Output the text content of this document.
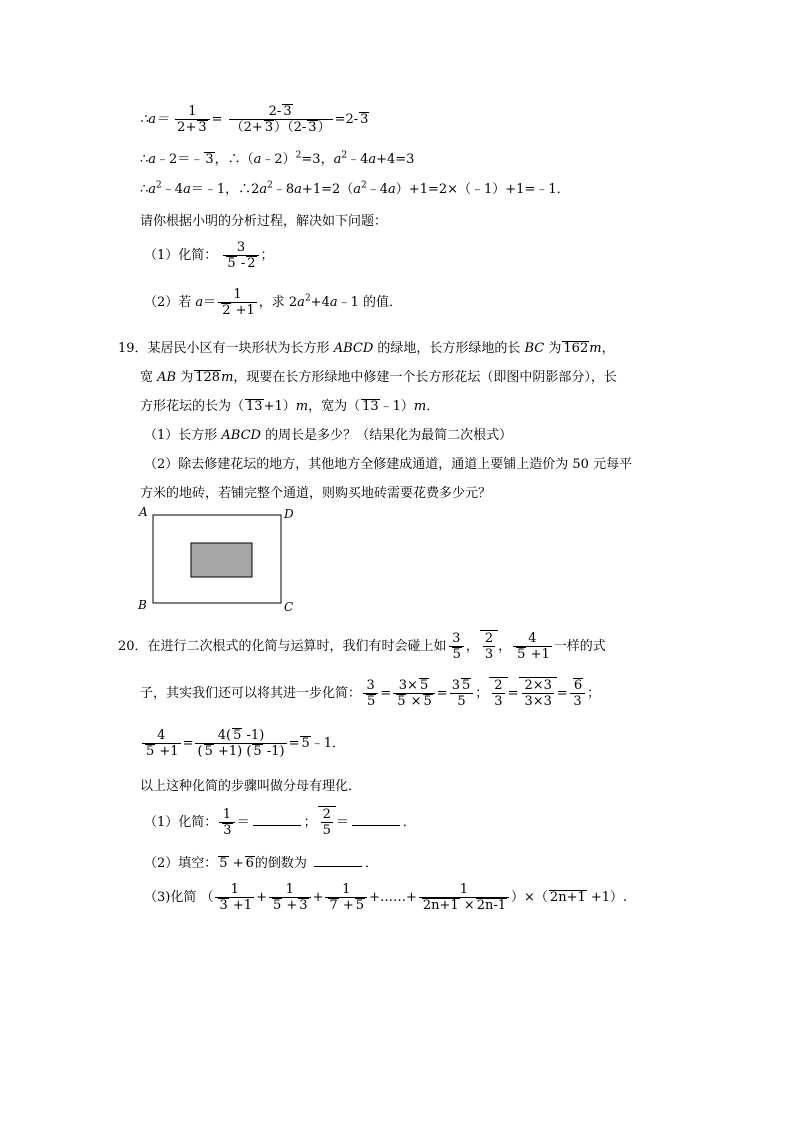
∴a＝ $\frac{1}{2+ 3} = \frac{2- 3}{(2+ 3)(2- 3)} =2-$ 3
∴a﹣2＝﹣ 3，∴（a﹣2）$^2$=3，$a^2﹣4a+4=3$
$\therefore a^2﹣4a=﹣1$，$\therefore 2a^2﹣8a+1=2(a^2﹣4a)+1=2\times(﹣1)+1=﹣1$．
请你根据小明的分析过程，解决如下问题：
（1）化简： $\frac{3}{5 - 2}$ ；
（2）若 $a= \frac{1}{2 +1}$ ，求 $2a^2+4a﹣1$ 的值．
19．某居民小区有一块形状为长方形 ABCD 的绿地，长方形绿地的长 BC 为 162m，
宽 AB 为 128m，现要在长方形绿地中修建一个长方形花坛（即图中阴影部分），长
方形花坛的长为（ 13+1）m，宽为（ 13﹣1）m．
（1）长方形 ABCD 的周长是多少？（结果化为最简二次根式）
（2）除去修建花坛的地方，其他地方全修建成通道，通道上要铺上造价为 50 元每平
方米的地砖，若铺完整个通道，则购买地砖需要花费多少元？
A	D
B	C
20．在进行二次根式的化简与运算时，我们有时会碰上如 $\frac{3}{5}$ ， $\frac{2}{3}$ ， $\frac{4}{5 +1}$ 一样的式
子，其实我们还可以将其进一步化简： $\frac{3}{5} = \frac{3\times 5}{5 \times 5} = \frac{3 5}{5}$ ； $\frac{2}{3} = \frac{2\times 3}{3\times 3} = \frac{6}{3}$ ；
$\frac{4}{5 +1} = \frac{4( 5 -1)}{( 5 +1) ( 5 -1)}$ = 5﹣1．
以上这种化简的步骤叫做分母有理化．
（1）化简： $\frac{1}{3}$ ＝	； $\frac{2}{5}$ ＝	．
（2）填空： 5 + 6的倒数为	．
（3)化简 （ $\frac{1}{3 +1} + \frac{1}{5 + 3} + \frac{1}{7 + 5}$ +……+ $\frac{1}{2n+1 \times 2n-1}$ ）×（ 2n+1 +1）.
